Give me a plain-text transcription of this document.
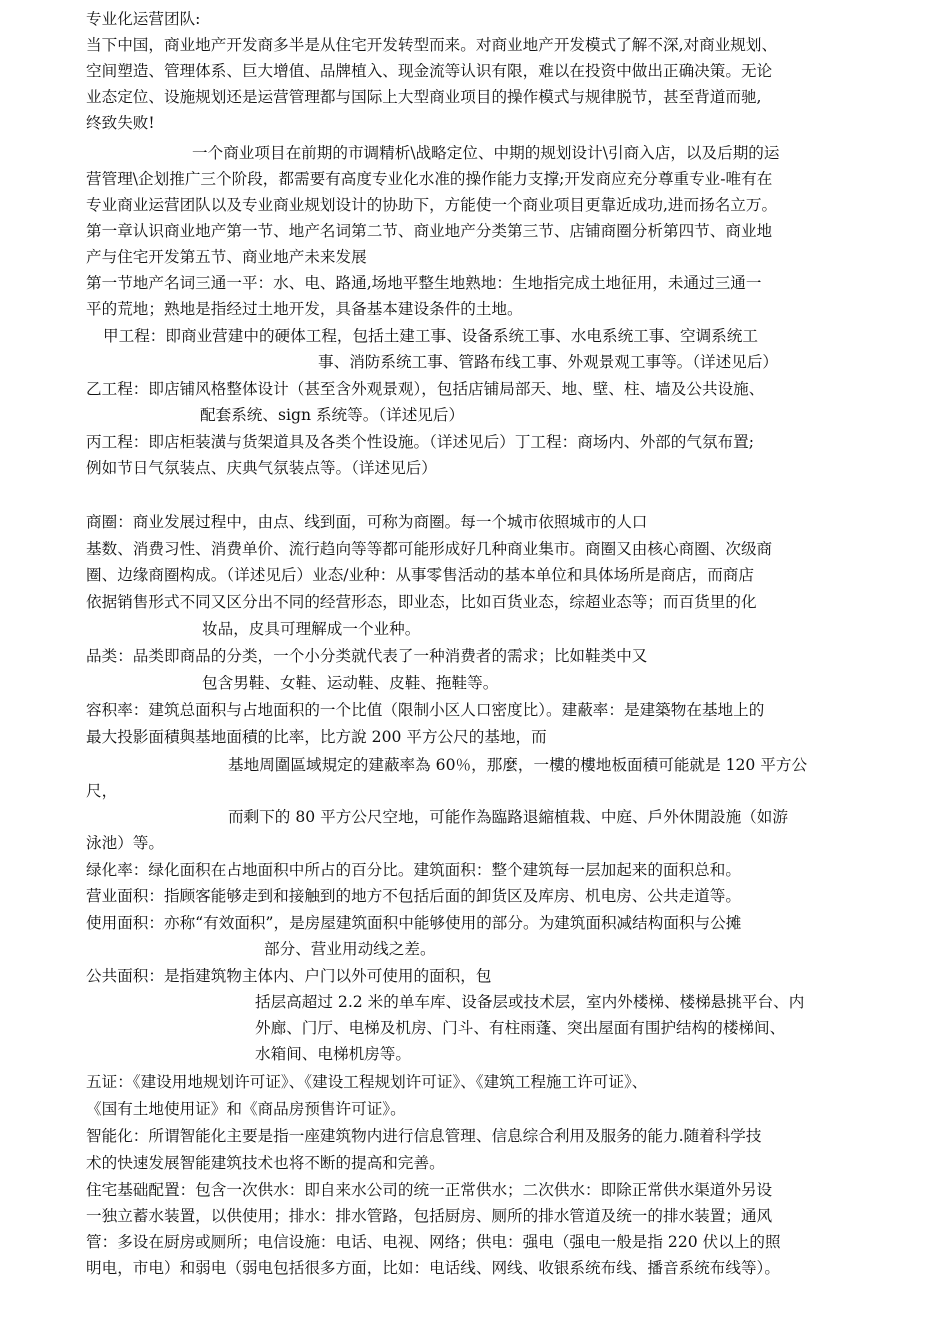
专业化运营团队:
当下中国，商业地产开发商多半是从住宅开发转型而来。对商业地产开发模式了解不深,对商业规划、
空间塑造、管理体系、巨大增值、品牌植入、现金流等认识有限，难以在投资中做出正确决策。无论
业态定位、设施规划还是运营管理都与国际上大型商业项目的操作模式与规律脱节，甚至背道而驰,
终致失败!
一个商业项目在前期的市调精析\战略定位、中期的规划设计\引商入店，以及后期的运
营管理\企划推广三个阶段，都需要有高度专业化水准的操作能力支撑;开发商应充分尊重专业-唯有在
专业商业运营团队以及专业商业规划设计的协助下，方能使一个商业项目更靠近成功,进而扬名立万。
第一章认识商业地产第一节、地产名词第二节、商业地产分类第三节、店铺商圈分析第四节、商业地
产与住宅开发第五节、商业地产未来发展
第一节地产名词三通一平：水、电、路通,场地平整生地熟地：生地指完成土地征用，未通过三通一
平的荒地；熟地是指经过土地开发，具备基本建设条件的土地。
甲工程：即商业营建中的硬体工程，包括土建工事、设备系统工事、水电系统工事、空调系统工
事、消防系统工事、管路布线工事、外观景观工事等。（详述见后）
乙工程：即店铺风格整体设计（甚至含外观景观），包括店铺局部天、地、壁、柱、墙及公共设施、
配套系统、sign 系统等。（详述见后）
丙工程：即店柜装潢与货架道具及各类个性设施。（详述见后）丁工程：商场内、外部的气氛布置;
例如节日气氛装点、庆典气氛装点等。（详述见后）
商圈：商业发展过程中，由点、线到面，可称为商圈。每一个城市依照城市的人口
基数、消费习性、消费单价、流行趋向等等都可能形成好几种商业集市。商圈又由核心商圈、次级商
圈、边缘商圈构成。（详述见后）业态/业种：从事零售活动的基本单位和具体场所是商店，而商店
依据销售形式不同又区分出不同的经营形态，即业态，比如百货业态，综超业态等；而百货里的化
妆品，皮具可理解成一个业种。
品类：品类即商品的分类，一个小分类就代表了一种消费者的需求；比如鞋类中又
包含男鞋、女鞋、运动鞋、皮鞋、拖鞋等。
容积率：建筑总面积与占地面积的一个比值（限制小区人口密度比）。建蔽率：是建築物在基地上的
最大投影面積與基地面積的比率，比方說 200 平方公尺的基地，而
基地周圍區域規定的建蔽率為 60％，那麼，一樓的樓地板面積可能就是 120 平方公
尺，
而剩下的 80 平方公尺空地，可能作為臨路退縮植栽、中庭、戶外休閒設施（如游
泳池）等。
绿化率：绿化面积在占地面积中所占的百分比。建筑面积：整个建筑每一层加起来的面积总和。
营业面积：指顾客能够走到和接触到的地方不包括后面的卸货区及库房、机电房、公共走道等。
使用面积：亦称“有效面积”，是房屋建筑面积中能够使用的部分。为建筑面积减结构面积与公摊
部分、营业用动线之差。
公共面积：是指建筑物主体内、户门以外可使用的面积，包
括层高超过 2.2 米的单车库、设备层或技术层，室内外楼梯、楼梯悬挑平台、内
外廊、门厅、电梯及机房、门斗、有柱雨蓬、突出屋面有围护结构的楼梯间、
水箱间、电梯机房等。
五证：《建设用地规划许可证》、《建设工程规划许可证》、《建筑工程施工许可证》、
《国有土地使用证》和《商品房预售许可证》。
智能化：所谓智能化主要是指一座建筑物内进行信息管理、信息综合利用及服务的能力.随着科学技
术的快速发展智能建筑技术也将不断的提高和完善。
住宅基础配置：包含一次供水：即自来水公司的统一正常供水；二次供水：即除正常供水渠道外另设
一独立蓄水装置，以供使用；排水：排水管路，包括厨房、厕所的排水管道及统一的排水装置；通风
管：多设在厨房或厕所；电信设施：电话、电视、网络；供电：强电（强电一般是指 220 伏以上的照
明电，市电）和弱电（弱电包括很多方面，比如：电话线、网线、收银系统布线、播音系统布线等）。
